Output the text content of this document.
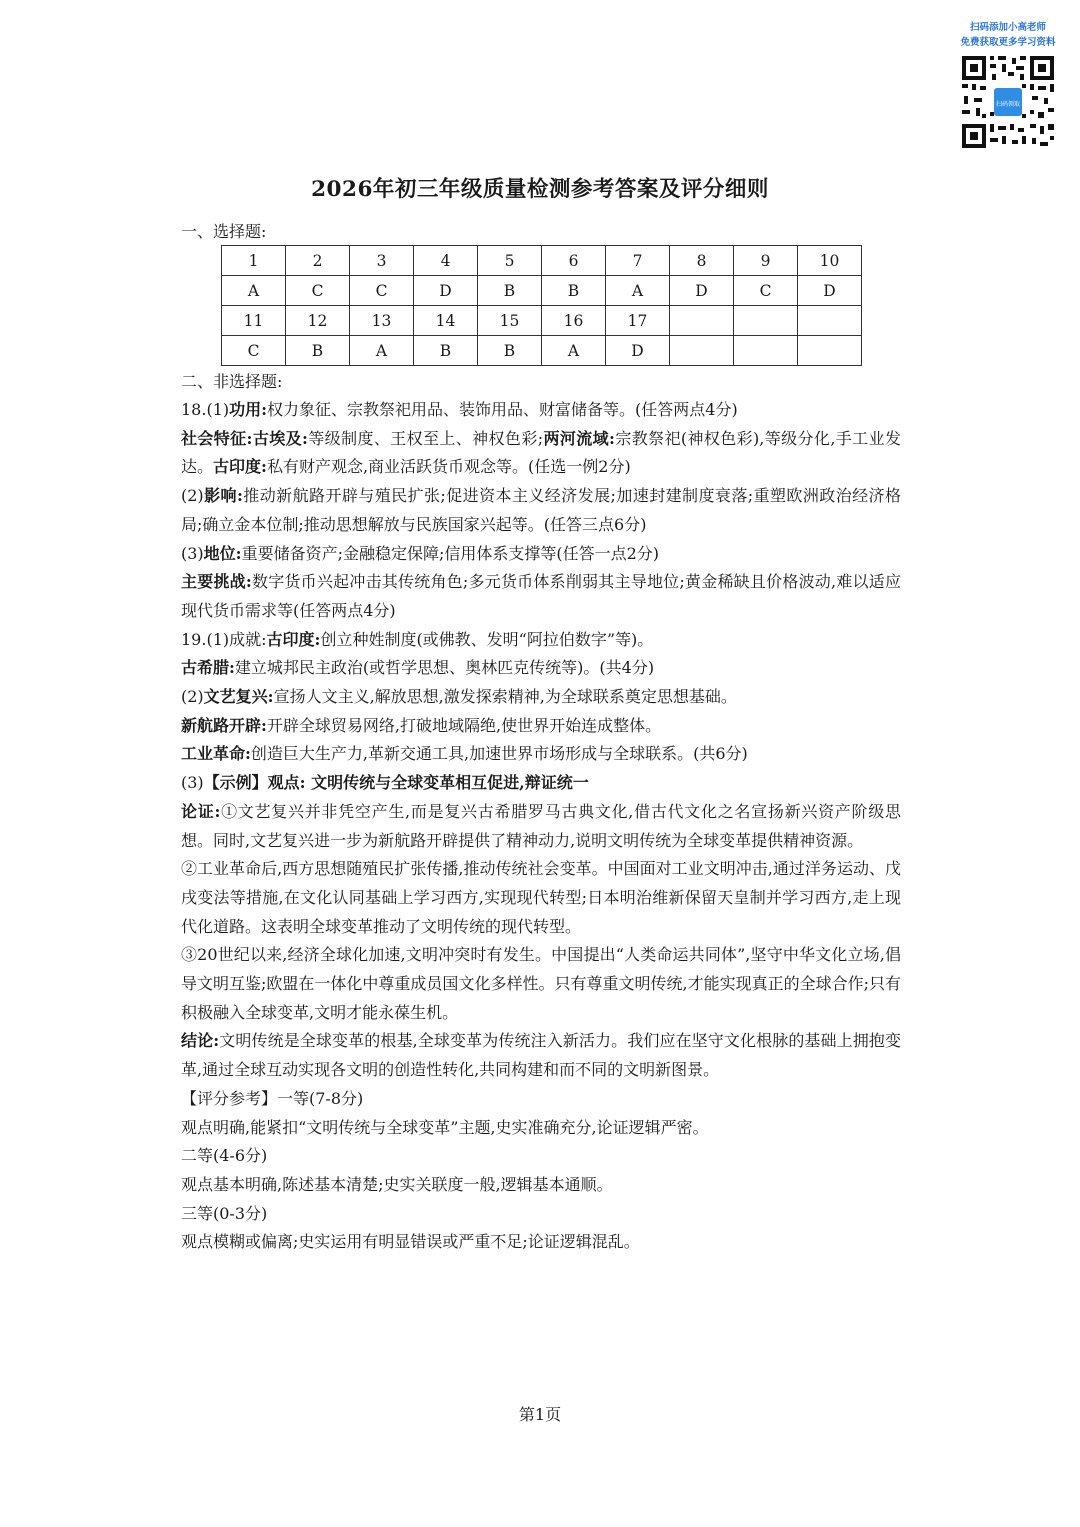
扫码添加小高老师
免费获取更多学习资料
扫码领取
2026年初三年级质量检测参考答案及评分细则
一、选择题:
1	2	3	4	5	6	7	8	9	10
A	C	C	D	B	B	A	D	C	D
11	12	13	14	15	16	17			
C	B	A	B	B	A	D			
二、非选择题:

18.(1)功用:权力象征、宗教祭祀用品、装饰用品、财富储备等。(任答两点4分)

社会特征:古埃及:等级制度、王权至上、神权色彩;两河流域:宗教祭祀(神权色彩),等级分化,手工业发达。古印度:私有财产观念,商业活跃货币观念等。(任选一例2分)

(2)影响:推动新航路开辟与殖民扩张;促进资本主义经济发展;加速封建制度衰落;重塑欧洲政治经济格局;确立金本位制;推动思想解放与民族国家兴起等。(任答三点6分)

(3)地位:重要储备资产;金融稳定保障;信用体系支撑等(任答一点2分)

主要挑战:数字货币兴起冲击其传统角色;多元货币体系削弱其主导地位;黄金稀缺且价格波动,难以适应现代货币需求等(任答两点4分)

19.(1)成就:古印度:创立种姓制度(或佛教、发明“阿拉伯数字”等)。

古希腊:建立城邦民主政治(或哲学思想、奥林匹克传统等)。(共4分)

(2)文艺复兴:宣扬人文主义,解放思想,激发探索精神,为全球联系奠定思想基础。

新航路开辟:开辟全球贸易网络,打破地域隔绝,使世界开始连成整体。

工业革命:创造巨大生产力,革新交通工具,加速世界市场形成与全球联系。(共6分)

(3)【示例】观点: 文明传统与全球变革相互促进,辩证统一

论证:①文艺复兴并非凭空产生,而是复兴古希腊罗马古典文化,借古代文化之名宣扬新兴资产阶级思想。同时,文艺复兴进一步为新航路开辟提供了精神动力,说明文明传统为全球变革提供精神资源。

②工业革命后,西方思想随殖民扩张传播,推动传统社会变革。中国面对工业文明冲击,通过洋务运动、戊戌变法等措施,在文化认同基础上学习西方,实现现代转型;日本明治维新保留天皇制并学习西方,走上现代化道路。这表明全球变革推动了文明传统的现代转型。

③20世纪以来,经济全球化加速,文明冲突时有发生。中国提出“人类命运共同体”,坚守中华文化立场,倡导文明互鉴;欧盟在一体化中尊重成员国文化多样性。只有尊重文明传统,才能实现真正的全球合作;只有积极融入全球变革,文明才能永葆生机。

结论:文明传统是全球变革的根基,全球变革为传统注入新活力。我们应在坚守文化根脉的基础上拥抱变革,通过全球互动实现各文明的创造性转化,共同构建和而不同的文明新图景。

【评分参考】一等(7-8分)

观点明确,能紧扣“文明传统与全球变革”主题,史实准确充分,论证逻辑严密。

二等(4-6分)

观点基本明确,陈述基本清楚;史实关联度一般,逻辑基本通顺。

三等(0-3分)

观点模糊或偏离;史实运用有明显错误或严重不足;论证逻辑混乱。

第1页
